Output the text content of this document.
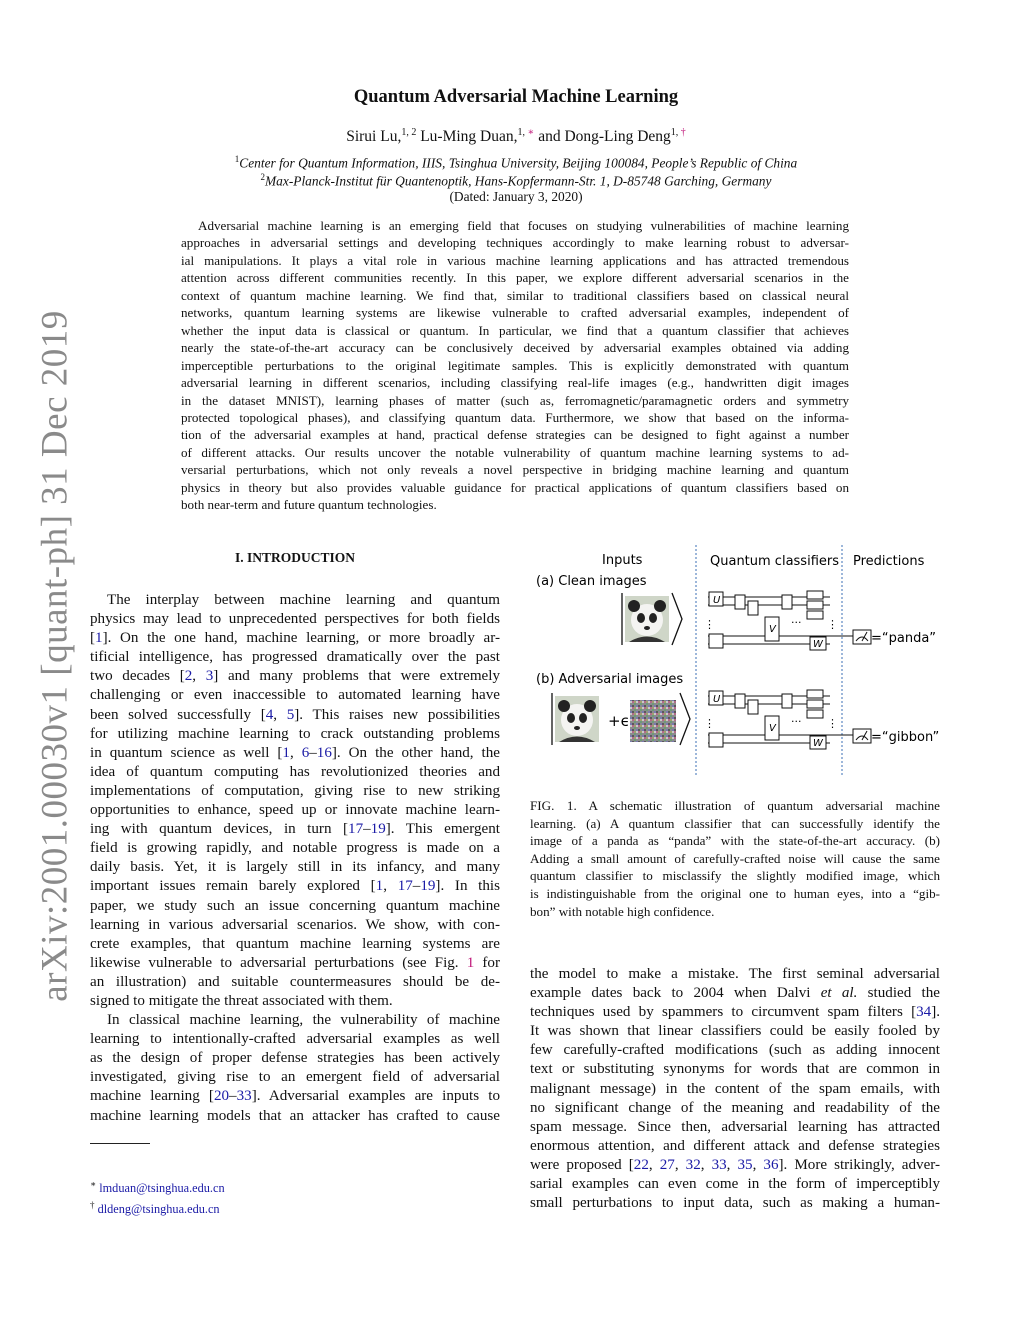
arXiv:2001.00030v1 [quant-ph] 31 Dec 2019
Quantum Adversarial Machine Learning
Sirui Lu,$^{1, 2}$ Lu-Ming Duan,$^{1, ∗}$ and Dong-Ling Deng$^{1, \dagger}$
$^1$Center for Quantum Information, IIIS, Tsinghua University, Beijing 100084, People’s Republic of China
$^2$Max-Planck-Institut für Quantenoptik, Hans-Kopfermann-Str. 1, D-85748 Garching, Germany
(Dated: January 3, 2020)
Adversarial machine learning is an emerging field that focuses on studying vulnerabilities of machine learning
approaches in adversarial settings and developing techniques accordingly to make learning robust to adversar-
ial manipulations. It plays a vital role in various machine learning applications and has attracted tremendous
attention across different communities recently. In this paper, we explore different adversarial scenarios in the
context of quantum machine learning. We find that, similar to traditional classifiers based on classical neural
networks, quantum learning systems are likewise vulnerable to crafted adversarial examples, independent of
whether the input data is classical or quantum. In particular, we find that a quantum classifier that achieves
nearly the state-of-the-art accuracy can be conclusively deceived by adversarial examples obtained via adding
imperceptible perturbations to the original legitimate samples. This is explicitly demonstrated with quantum
adversarial learning in different scenarios, including classifying real-life images (e.g., handwritten digit images
in the dataset MNIST), learning phases of matter (such as, ferromagnetic/paramagnetic orders and symmetry
protected topological phases), and classifying quantum data. Furthermore, we show that based on the informa-
tion of the adversarial examples at hand, practical defense strategies can be designed to fight against a number
of different attacks. Our results uncover the notable vulnerability of quantum machine learning systems to ad-
versarial perturbations, which not only reveals a novel perspective in bridging machine learning and quantum
physics in theory but also provides valuable guidance for practical applications of quantum classifiers based on
both near-term and future quantum technologies.
I. INTRODUCTION
The interplay between machine learning and quantum
physics may lead to unprecedented perspectives for both fields
[1]. On the one hand, machine learning, or more broadly ar-
tificial intelligence, has progressed dramatically over the past
two decades [2, 3] and many problems that were extremely
challenging or even inaccessible to automated learning have
been solved successfully [4, 5]. This raises new possibilities
for utilizing machine learning to crack outstanding problems
in quantum science as well [1, 6–16]. On the other hand, the
idea of quantum computing has revolutionized theories and
implementations of computation, giving rise to new striking
opportunities to enhance, speed up or innovate machine learn-
ing with quantum devices, in turn [17–19]. This emergent
field is growing rapidly, and notable progress is made on a
daily basis. Yet, it is largely still in its infancy, and many
important issues remain barely explored [1, 17–19]. In this
paper, we study such an issue concerning quantum machine
learning in various adversarial scenarios. We show, with con-
crete examples, that quantum machine learning systems are
likewise vulnerable to adversarial perturbations (see Fig. 1 for
an illustration) and suitable countermeasures should be de-
signed to mitigate the threat associated with them.
In classical machine learning, the vulnerability of machine
learning to intentionally-crafted adversarial examples as well
as the design of proper defense strategies has been actively
investigated, giving rise to an emergent field of adversarial
machine learning [20–33]. Adversarial examples are inputs to
machine learning models that an attacker has crafted to cause
the model to make a mistake. The first seminal adversarial
example dates back to 2004 when Dalvi et al. studied the
techniques used by spammers to circumvent spam filters [34].
It was shown that linear classifiers could be easily fooled by
few carefully-crafted modifications (such as adding innocent
text or substituting synonyms for words that are common in
malignant message) in the content of the spam emails, with
no significant change of the meaning and readability of the
spam message. Since then, adversarial learning has attracted
enormous attention, and different attack and defense strategies
were proposed [22, 27, 32, 33, 35, 36]. More strikingly, adver-
sarial examples can even come in the form of imperceptibly
small perturbations to input data, such as making a human-
∗ lmduan@tsinghua.edu.cn
† dldeng@tsinghua.edu.cn
Inputs	Quantum classifiers Predictions
(a) Clean images
(b) Adversarial images
+ϵ
U
⋮	V
··· ⋮
W	=“panda”
U
⋮	V
··· ⋮
W	=“gibbon”
FIG. 1. A schematic illustration of quantum adversarial machine
learning. (a) A quantum classifier that can successfully identify the
image of a panda as “panda” with the state-of-the-art accuracy. (b)
Adding a small amount of carefully-crafted noise will cause the same
quantum classifier to misclassify the slightly modified image, which
is indistinguishable from the original one to human eyes, into a “gib-
bon” with notable high confidence.
